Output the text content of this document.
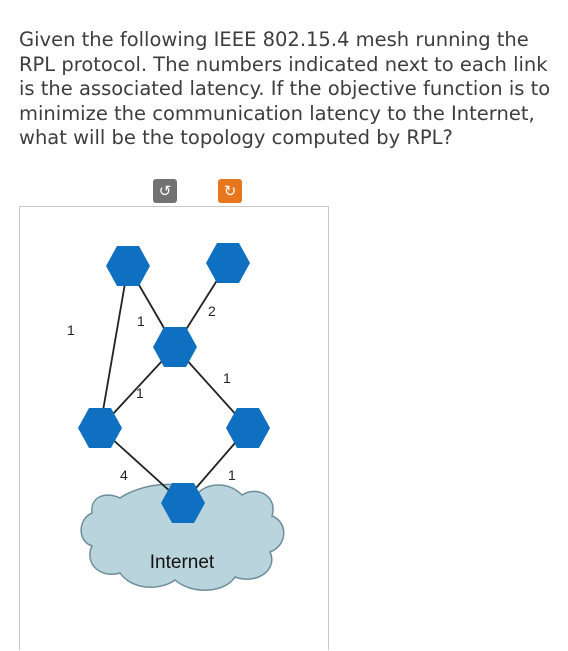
Given the following IEEE 802.15.4 mesh running the RPL protocol. The numbers indicated next to each link is the associated latency. If the objective function is to minimize the communication latency to the Internet, what will be the topology computed by RPL?
↺	↻
Internet
1
1
2
1
1
4	1
